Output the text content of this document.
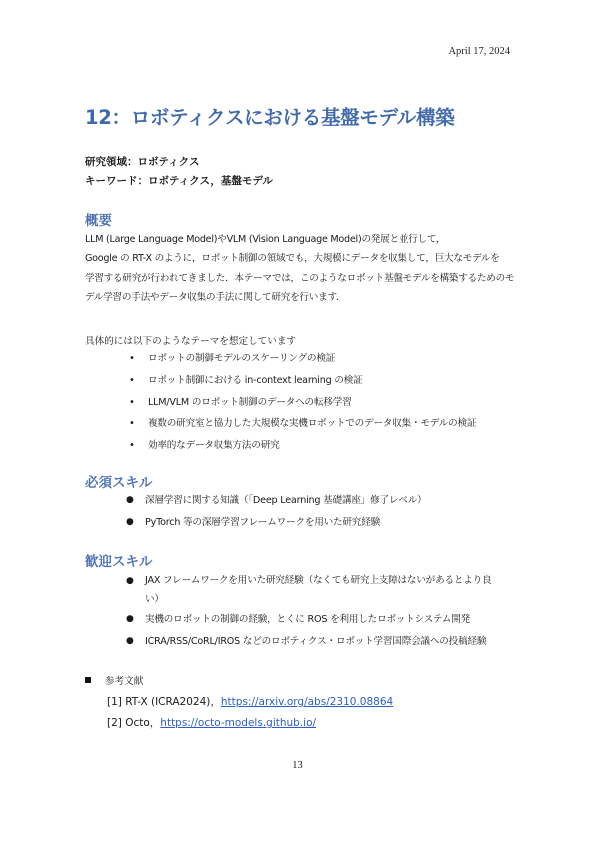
April 17, 2024
12：ロボティクスにおける基盤モデル構築
研究領域：ロボティクス
キーワード：ロボティクス，基盤モデル
概要
LLM (Large Language Model)やVLM (Vision Language Model)の発展と並行して，
Google の RT-X のように，ロボット制御の領域でも，大規模にデータを収集して，巨大なモデルを
学習する研究が行われてきました．本テーマでは，このようなロボット基盤モデルを構築するためのモ
デル学習の手法やデータ収集の手法に関して研究を行います．
具体的には以下のようなテーマを想定しています
• ロボットの制御モデルのスケーリングの検証
• ロボット制御における in-context learning の検証
• LLM/VLM のロボット制御のデータへの転移学習
• 複数の研究室と協力した大規模な実機ロボットでのデータ収集・モデルの検証
• 効率的なデータ収集方法の研究
必須スキル
● 深層学習に関する知識（「Deep Learning 基礎講座」修了レベル）
● PyTorch 等の深層学習フレームワークを用いた研究経験
歓迎スキル
● JAX フレームワークを用いた研究経験（なくても研究上支障はないがあるとより良
い）
● 実機のロボットの制御の経験，とくに ROS を利用したロボットシステム開発
● ICRA/RSS/CoRL/IROS などのロボティクス・ロボット学習国際会議への投稿経験
参考文献
[1] RT-X (ICRA2024)，https://arxiv.org/abs/2310.08864
[2] Octo，https://octo-models.github.io/
13
